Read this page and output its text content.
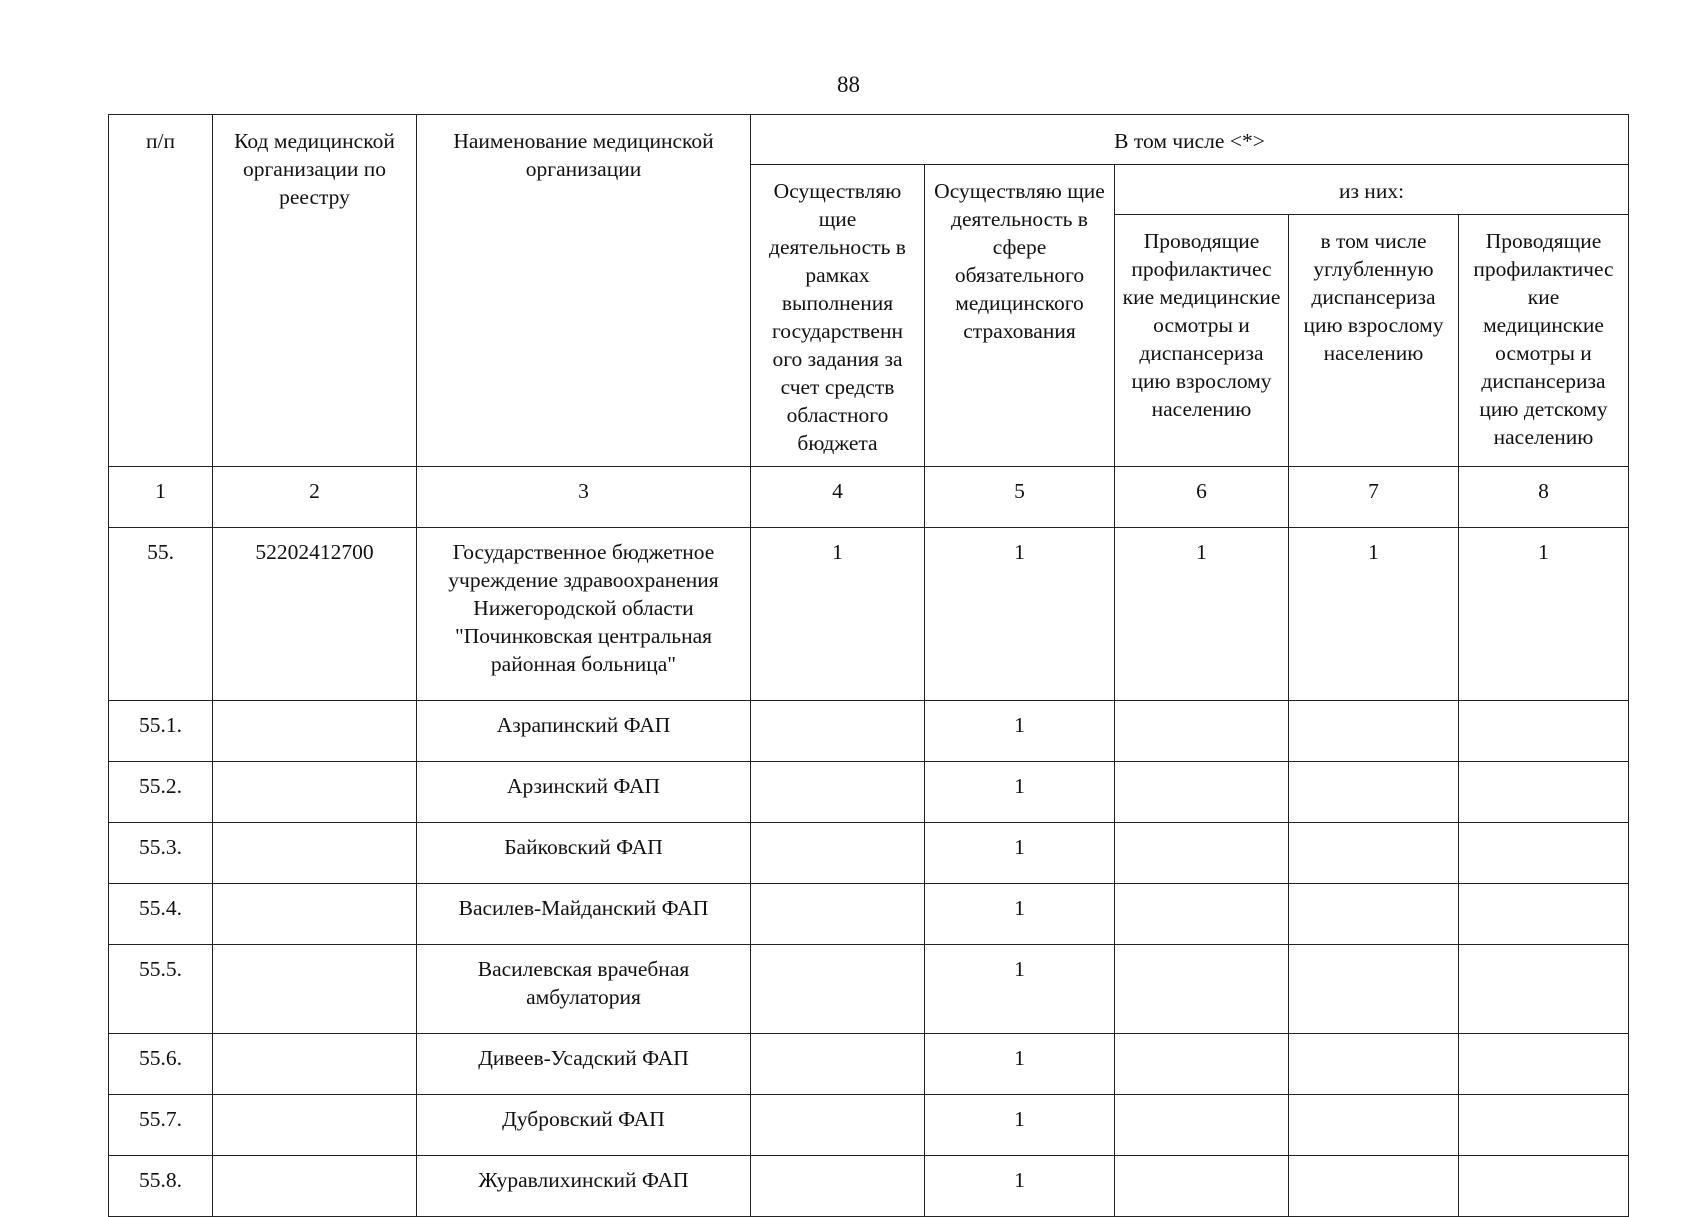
88
п/п	Код медицинской организации по реестру	Наименование медицинской организации	В том числе <*>				
			Осуществляю щие деятельность в рамках выполнения государственн ого задания за счет средств областного бюджета	Осуществляю щие деятельность в сфере обязательного медицинского страхования	из них:		
					Проводящие профилактичес кие медицинские осмотры и диспансериза цию взрослому населению	в том числе углубленную диспансериза цию взрослому населению	Проводящие профилактичес кие медицинские осмотры и диспансериза цию детскому населению
1	2	3	4	5	6	7	8
55.	52202412700	Государственное бюджетное учреждение здравоохранения Нижегородской области "Починковская центральная районная больница"	1	1	1	1	1
55.1.		Азрапинский ФАП		1			
55.2.		Арзинский ФАП		1			
55.3.		Байковский ФАП		1			
55.4.		Василев-Майданский ФАП		1			
55.5.		Василевская врачебная амбулатория		1			
55.6.		Дивеев-Усадский ФАП		1			
55.7.		Дубровский ФАП		1			
55.8.		Журавлихинский ФАП		1			
